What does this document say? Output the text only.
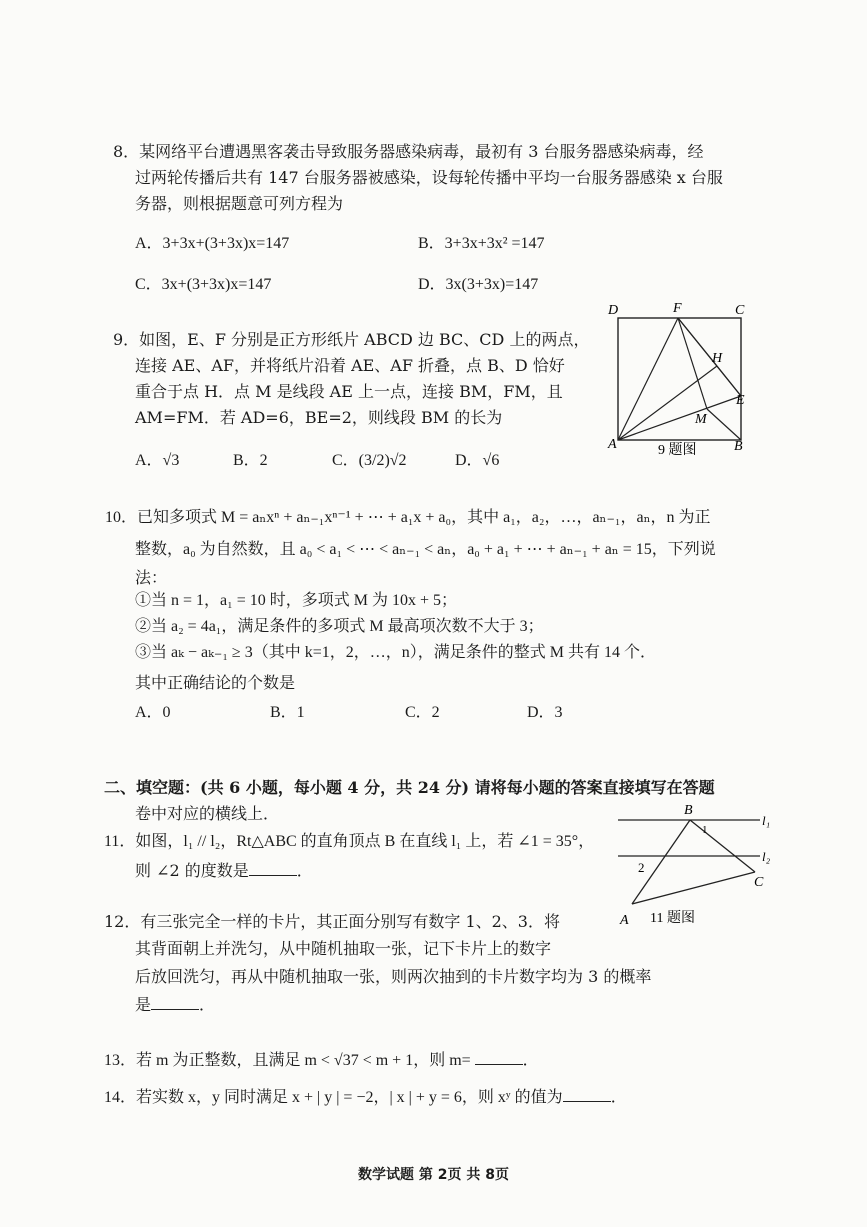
8．某网络平台遭遇黑客袭击导致服务器感染病毒，最初有 3 台服务器感染病毒，经
过两轮传播后共有 147 台服务器被感染，设每轮传播中平均一台服务器感染 x 台服
务器，则根据题意可列方程为
A．3+3x+(3+3x)x=147	B．3+3x+3x² =147
C．3x+(3+3x)x=147	D．3x(3+3x)=147
9．如图，E、F 分别是正方形纸片 ABCD 边 BC、CD 上的两点，
连接 AE、AF，并将纸片沿着 AE、AF 折叠，点 B、D 恰好
重合于点 H．点 M 是线段 AE 上一点，连接 BM，FM，且
AM=FM．若 AD=6，BE=2，则线段 BM 的长为
A．√3	B．2	C．(3/2)√2	D．√6
D	F	C
H
E
M
A	B
9 题图
10．已知多项式 M = aₙxⁿ + aₙ₋₁xⁿ⁻¹ + ⋯ + a₁x + a₀，其中 a₁，a₂，…，aₙ₋₁，aₙ，n 为正
整数，a₀ 为自然数，且 a₀ < a₁ < ⋯ < aₙ₋₁ < aₙ，a₀ + a₁ + ⋯ + aₙ₋₁ + aₙ = 15，下列说
法：
①当 n = 1，a₁ = 10 时，多项式 M 为 10x + 5；
②当 a₂ = 4a₁，满足条件的多项式 M 最高项次数不大于 3；
③当 aₖ − aₖ₋₁ ≥ 3（其中 k=1，2，…，n），满足条件的整式 M 共有 14 个．
其中正确结论的个数是
A．0	B．1	C．2	D．3
二、填空题：(共 6 小题，每小题 4 分，共 24 分) 请将每小题的答案直接填写在答题
卷中对应的横线上．
11．如图，l₁ // l₂，Rt△ABC 的直角顶点 B 在直线 l₁ 上，若 ∠1 = 35°，
则 ∠2 的度数是	．
B
l₁
l₂
1
2
C
A 11 题图
12．有三张完全一样的卡片，其正面分别写有数字 1、2、3．将
其背面朝上并洗匀，从中随机抽取一张，记下卡片上的数字
后放回洗匀，再从中随机抽取一张，则两次抽到的卡片数字均为 3 的概率
是	．
13．若 m 为正整数，且满足 m < √37 < m + 1，则 m=	．
14．若实数 x，y 同时满足 x + | y | = −2，| x | + y = 6，则 xʸ 的值为	．
数学试题 第 2页 共 8页
